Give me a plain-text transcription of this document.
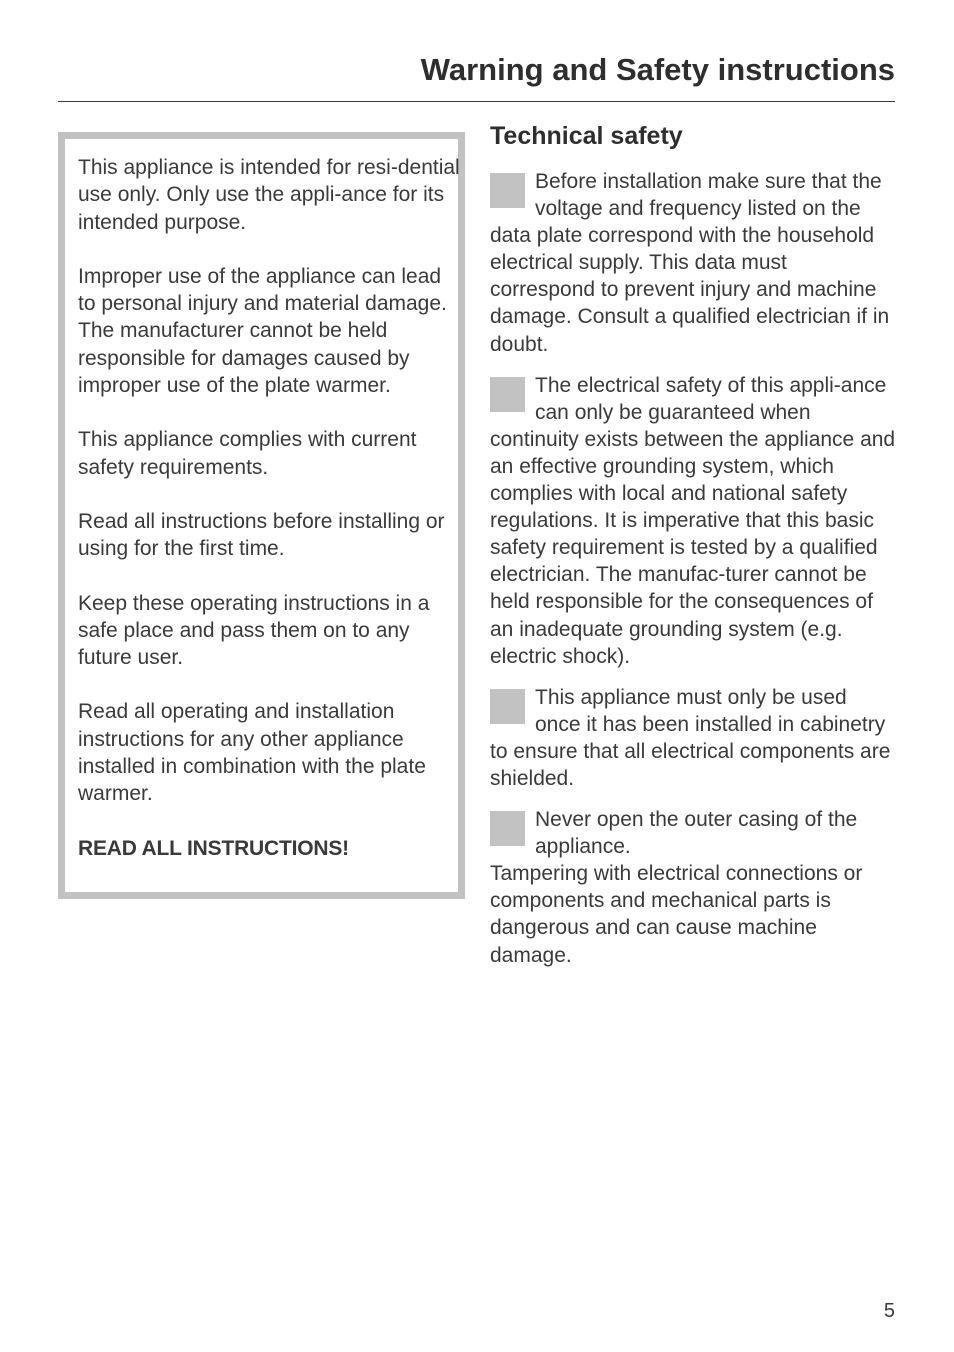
Warning and Safety instructions

This appliance is intended for resi-dential use only. Only use the appli-ance for its intended purpose.

Improper use of the appliance can lead to personal injury and material damage. The manufacturer cannot be held responsible for damages caused by improper use of the plate warmer.

This appliance complies with current safety requirements.

Read all instructions before installing or using for the first time.

Keep these operating instructions in a safe place and pass them on to any future user.

Read all operating and installation instructions for any other appliance installed in combination with the plate warmer.

READ ALL INSTRUCTIONS!

Technical safety

Before installation make sure that the voltage and frequency listed on the data plate correspond with the household electrical supply. This data must correspond to prevent injury and machine damage. Consult a qualified electrician if in doubt.

The electrical safety of this appli-ance can only be guaranteed when continuity exists between the appliance and an effective grounding system, which complies with local and national safety regulations. It is imperative that this basic safety requirement is tested by a qualified electrician. The manufac-turer cannot be held responsible for the consequences of an inadequate grounding system (e.g. electric shock).

This appliance must only be used once it has been installed in cabinetry to ensure that all electrical components are shielded.

Never open the outer casing of the appliance.

Tampering with electrical connections or components and mechanical parts is dangerous and can cause machine damage.

5
